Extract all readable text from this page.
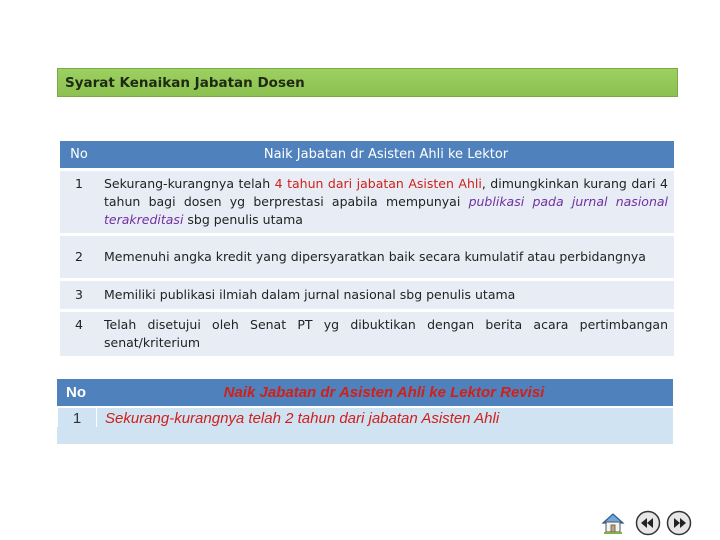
Syarat Kenaikan Jabatan Dosen
No	Naik Jabatan dr Asisten Ahli ke Lektor
1	Sekurang-kurangnya telah 4 tahun dari jabatan Asisten Ahli, dimungkinkan kurang dari 4 tahun bagi dosen yg berprestasi apabila mempunyai publikasi pada jurnal nasional terakreditasi sbg penulis utama
2	Memenuhi angka kredit yang dipersyaratkan baik secara kumulatif atau perbidangnya
3	Memiliki publikasi ilmiah dalam jurnal nasional sbg penulis utama
4	Telah disetujui oleh Senat PT yg dibuktikan dengan berita acara pertimbangan senat/kriterium
No	Naik Jabatan dr Asisten Ahli ke Lektor Revisi
1	Sekurang-kurangnya telah 2 tahun dari jabatan Asisten Ahli
